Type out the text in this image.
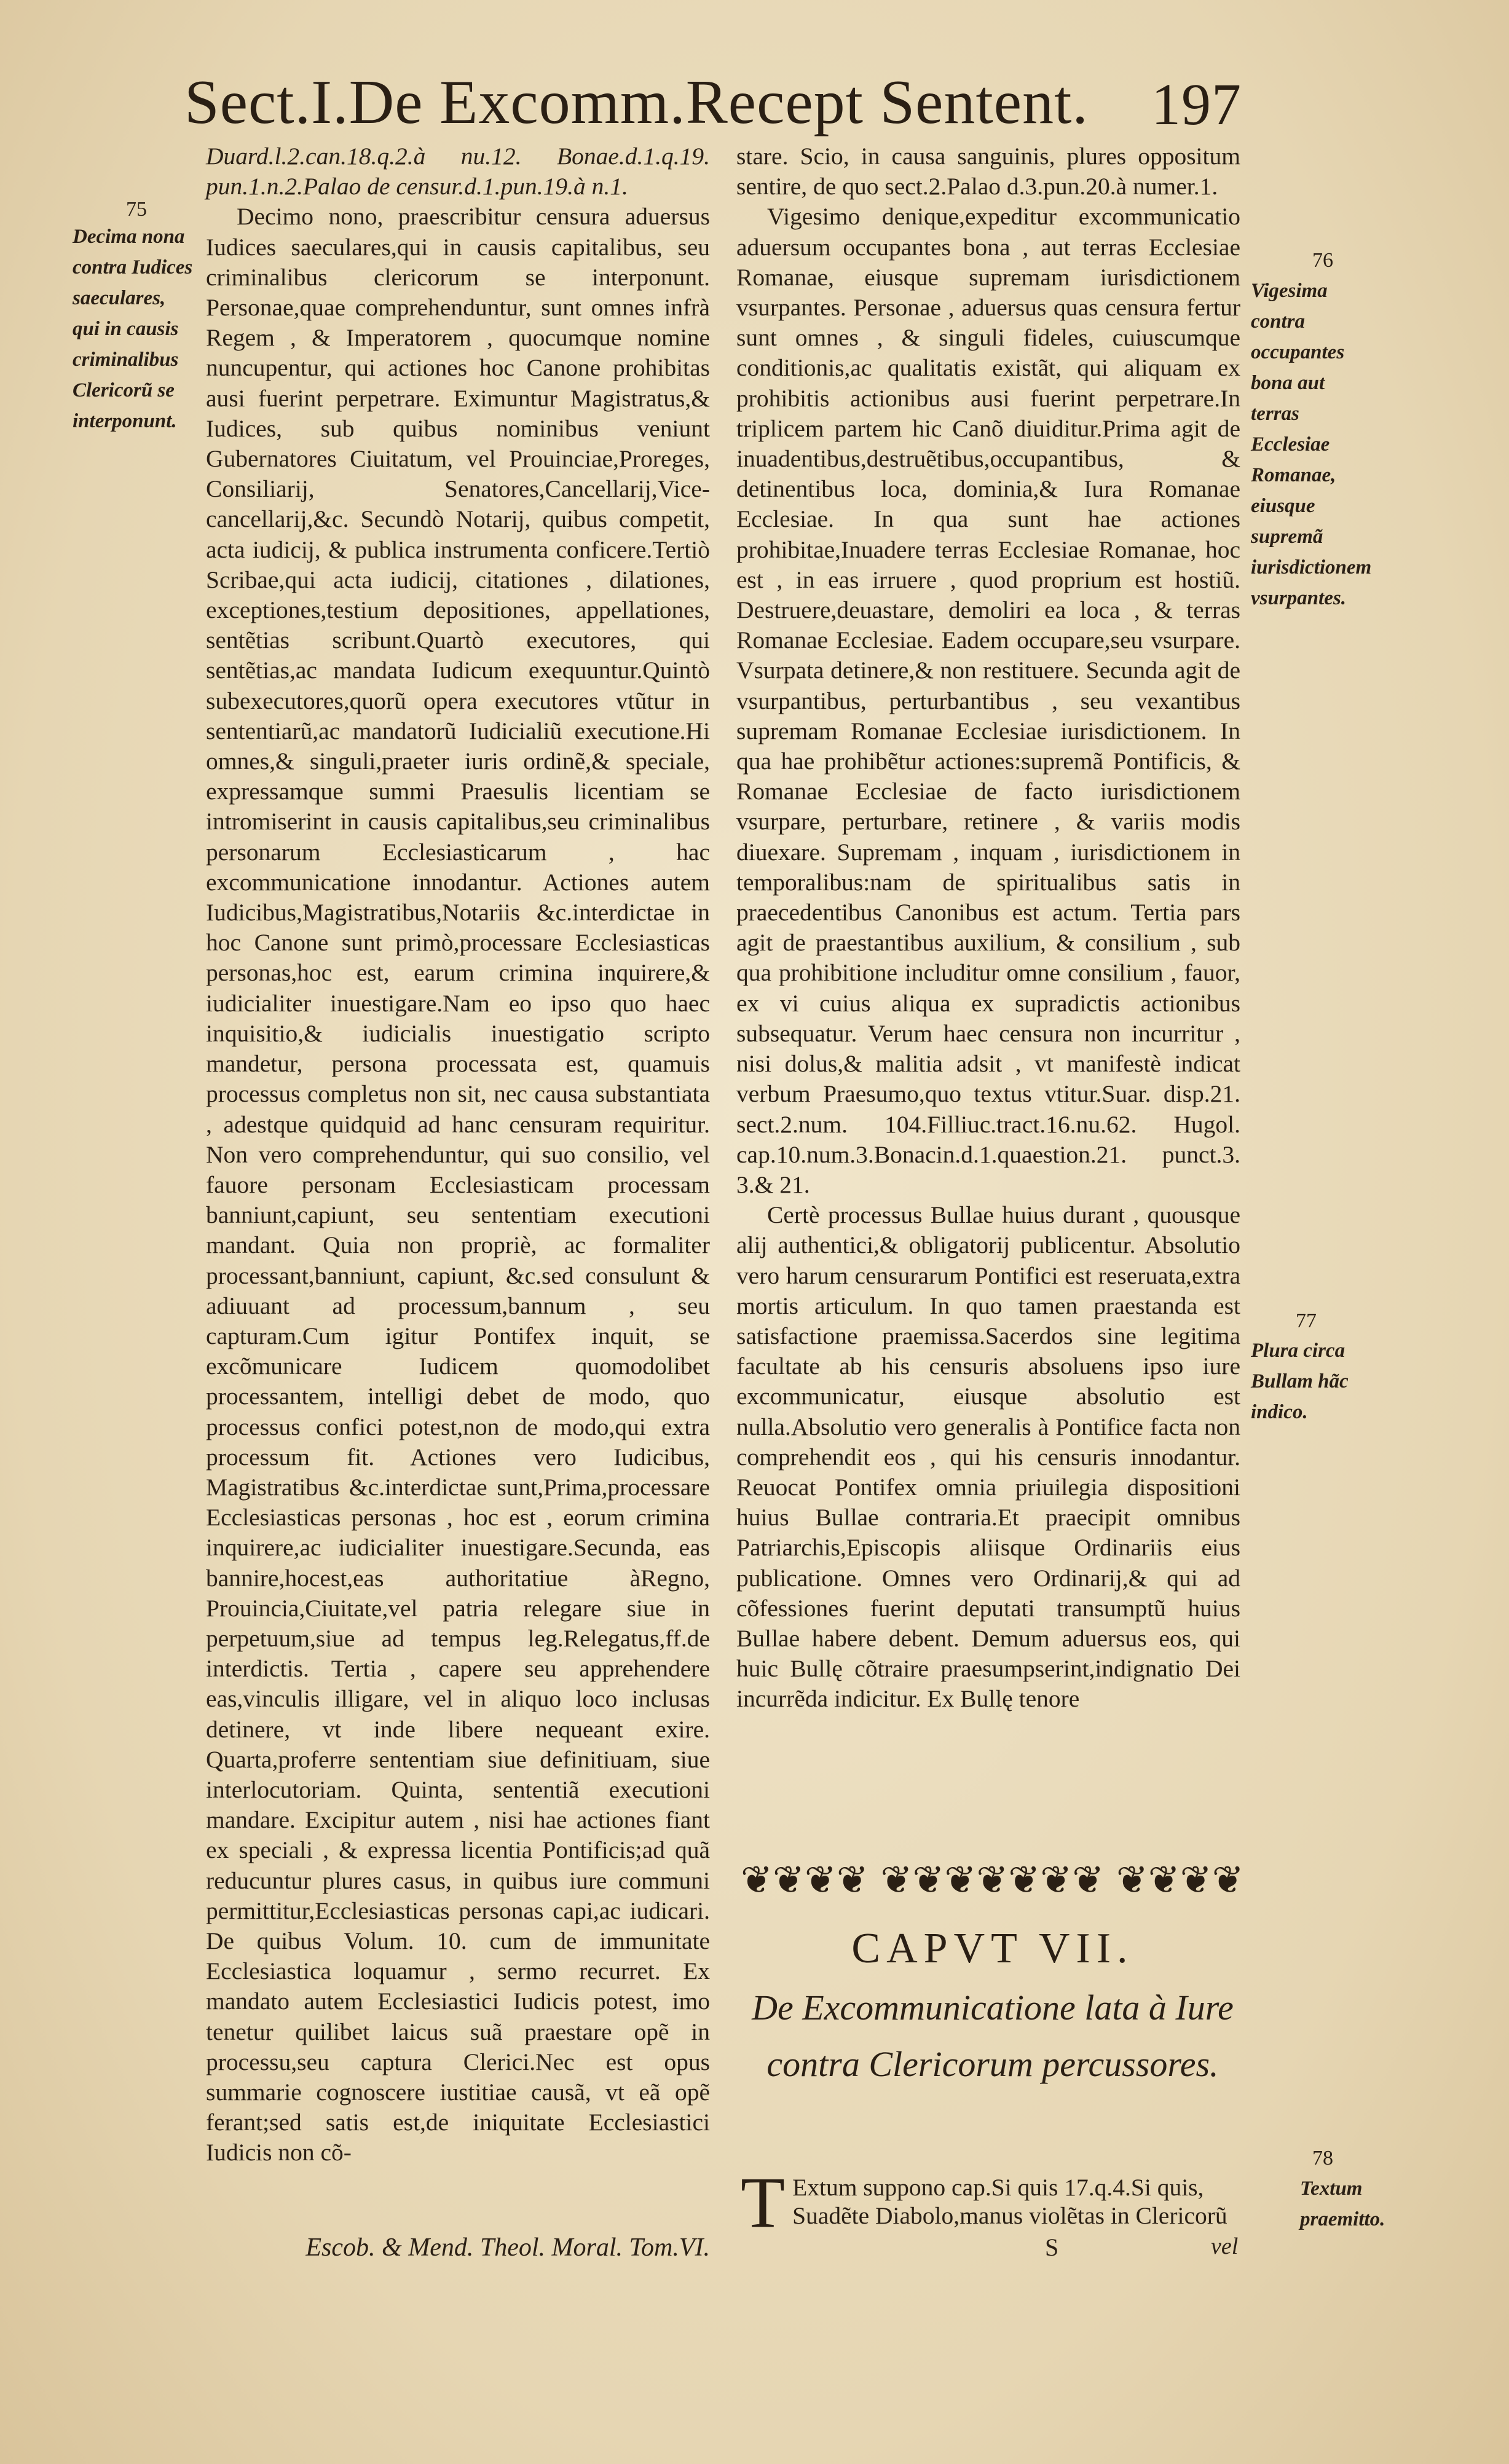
Sect.I.De Excomm.Recept Sentent. 197
75
Decima nona contra Iudices saeculares, qui in causis criminalibus Clericorũ se interponunt.
76
Vigesima contra occupantes bona aut terras Ecclesiae Romanae, eiusque supremã iurisdictionem vsurpantes.
77
Plura circa Bullam hãc indico.
78
Textum praemitto.

Duard.l.2.can.18.q.2.à nu.12. Bonae.d.1.q.19. pun.1.n.2.Palao de censur.d.1.pun.19.à n.1.

Decimo nono, praescribitur censura aduersus Iudices saeculares,qui in causis capitalibus, seu criminalibus clericorum se interponunt. Personae,quae comprehenduntur, sunt omnes infrà Regem , & Imperatorem , quocumque nomine nuncupentur, qui actiones hoc Canone prohibitas ausi fuerint perpetrare. Eximuntur Magistratus,& Iudices, sub quibus nominibus veniunt Gubernatores Ciuitatum, vel Prouinciae,Proreges, Consiliarij, Senatores,Cancellarij,Vice-cancellarij,&c. Secundò Notarij, quibus competit, acta iudicij, & publica instrumenta conficere.Tertiò Scribae,qui acta iudicij, citationes , dilationes, exceptiones,testium depositiones, appellationes, sentẽtias scribunt.Quartò executores, qui sentẽtias,ac mandata Iudicum exequuntur.Quintò subexecutores,quorũ opera executores vtũtur in sententiarũ,ac mandatorũ Iudicialiũ executione.Hi omnes,& singuli,praeter iuris ordinẽ,& speciale, expressamque summi Praesulis licentiam se intromiserint in causis capitalibus,seu criminalibus personarum Ecclesiasticarum , hac excommunicatione innodantur. Actiones autem Iudicibus,Magistratibus,Notariis &c.interdictae in hoc Canone sunt primò,processare Ecclesiasticas personas,hoc est, earum crimina inquirere,& iudicialiter inuestigare.Nam eo ipso quo haec inquisitio,& iudicialis inuestigatio scripto mandetur, persona processata est, quamuis processus completus non sit, nec causa substantiata , adestque quidquid ad hanc censuram requiritur. Non vero comprehenduntur, qui suo consilio, vel fauore personam Ecclesiasticam processam banniunt,capiunt, seu sententiam executioni mandant. Quia non propriè, ac formaliter processant,banniunt, capiunt, &c.sed consulunt & adiuuant ad processum,bannum , seu capturam.Cum igitur Pontifex inquit, se excõmunicare Iudicem quomodolibet processantem, intelligi debet de modo, quo processus confici potest,non de modo,qui extra processum fit. Actiones vero Iudicibus, Magistratibus &c.interdictae sunt,Prima,processare Ecclesiasticas personas , hoc est , eorum crimina inquirere,ac iudicialiter inuestigare.Secunda, eas bannire,hocest,eas authoritatiue àRegno, Prouincia,Ciuitate,vel patria relegare siue in perpetuum,siue ad tempus leg.Relegatus,ff.de interdictis. Tertia , capere seu apprehendere eas,vinculis illigare, vel in aliquo loco inclusas detinere, vt inde libere nequeant exire. Quarta,proferre sententiam siue definitiuam, siue interlocutoriam. Quinta, sententiã executioni mandare. Excipitur autem , nisi hae actiones fiant ex speciali , & expressa licentia Pontificis;ad quã reducuntur plures casus, in quibus iure communi permittitur,Ecclesiasticas personas capi,ac iudicari. De quibus Volum. 10. cum de immunitate Ecclesiastica loquamur , sermo recurret. Ex mandato autem Ecclesiastici Iudicis potest, imo tenetur quilibet laicus suã praestare opẽ in processu,seu captura Clerici.Nec est opus summarie cognoscere iustitiae causã, vt eã opẽ ferant;sed satis est,de iniquitate Ecclesiastici Iudicis non cõ-

stare. Scio, in causa sanguinis, plures oppositum sentire, de quo sect.2.Palao d.3.pun.20.à numer.1.

Vigesimo denique,expeditur excommunicatio aduersum occupantes bona , aut terras Ecclesiae Romanae, eiusque supremam iurisdictionem vsurpantes. Personae , aduersus quas censura fertur sunt omnes , & singuli fideles, cuiuscumque conditionis,ac qualitatis existãt, qui aliquam ex prohibitis actionibus ausi fuerint perpetrare.In triplicem partem hic Canõ diuiditur.Prima agit de inuadentibus,destruẽtibus,occupantibus, & detinentibus loca, dominia,& Iura Romanae Ecclesiae. In qua sunt hae actiones prohibitae,Inuadere terras Ecclesiae Romanae, hoc est , in eas irruere , quod proprium est hostiũ. Destruere,deuastare, demoliri ea loca , & terras Romanae Ecclesiae. Eadem occupare,seu vsurpare. Vsurpata detinere,& non restituere. Secunda agit de vsurpantibus, perturbantibus , seu vexantibus supremam Romanae Ecclesiae iurisdictionem. In qua hae prohibẽtur actiones:supremã Pontificis, & Romanae Ecclesiae de facto iurisdictionem vsurpare, perturbare, retinere , & variis modis diuexare. Supremam , inquam , iurisdictionem in temporalibus:nam de spiritualibus satis in praecedentibus Canonibus est actum. Tertia pars agit de praestantibus auxilium, & consilium , sub qua prohibitione includitur omne consilium , fauor, ex vi cuius aliqua ex supradictis actionibus subsequatur. Verum haec censura non incurritur , nisi dolus,& malitia adsit , vt manifestè indicat verbum Praesumo,quo textus vtitur.Suar. disp.21. sect.2.num. 104.Filliuc.tract.16.nu.62. Hugol. cap.10.num.3.Bonacin.d.1.quaestion.21. punct.3. 3.& 21.

Certè processus Bullae huius durant , quousque alij authentici,& obligatorij publicentur. Absolutio vero harum censurarum Pontifici est reseruata,extra mortis articulum. In quo tamen praestanda est satisfactione praemissa.Sacerdos sine legitima facultate ab his censuris absoluens ipso iure excommunicatur, eiusque absolutio est nulla.Absolutio vero generalis à Pontifice facta non comprehendit eos , qui his censuris innodantur. Reuocat Pontifex omnia priuilegia dispositioni huius Bullae contraria.Et praecipit omnibus Patriarchis,Episcopis aliisque Ordinariis eius publicatione. Omnes vero Ordinarij,& qui ad cõfessiones fuerint deputati transumptũ huius Bullae habere debent. Demum aduersus eos, qui huic Bullę cõtraire praesumpserint,indignatio Dei incurrẽda indicitur. Ex Bullę tenore

❦❦❦❦ ❦❦❦❦❦❦❦ ❦❦❦❦
CAPVT VII.
De Excommunicatione lata à Iure contra Clericorum percussores.
T Extum suppono cap.Si quis 17.q.4.Si quis, Suadẽte Diabolo,manus violẽtas in Clericorũ
Escob. & Mend. Theol. Moral. Tom.VI.	S	vel
